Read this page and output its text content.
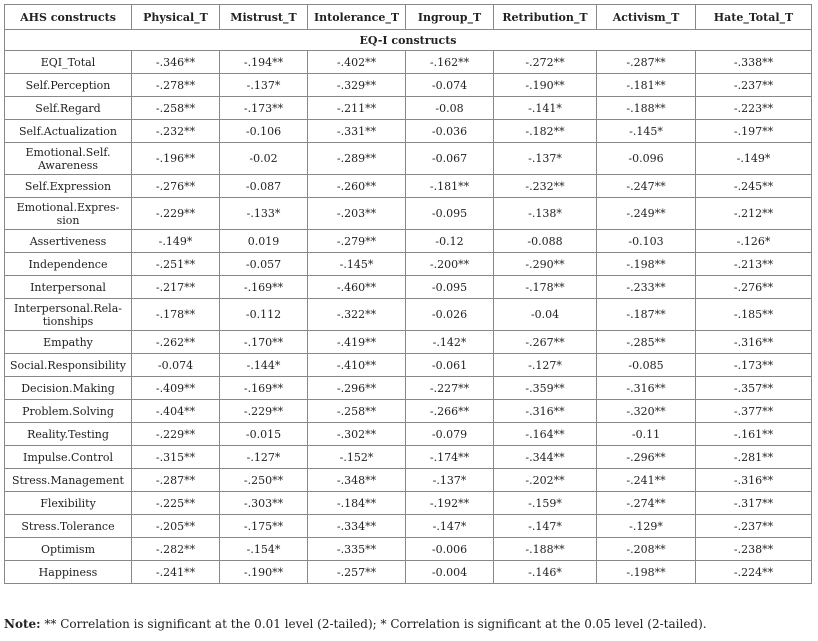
AHS constructs	Physical_T	Mistrust_T	Intolerance_T	Ingroup_T	Retribution_T	Activism_T	Hate_Total_T
EQ-I constructs							
EQI_Total	-.346**	-.194**	-.402**	-.162**	-.272**	-.287**	-.338**
Self.Perception	-.278**	-.137*	-.329**	-0.074	-.190**	-.181**	-.237**
Self.Regard	-.258**	-.173**	-.211**	-0.08	-.141*	-.188**	-.223**
Self.Actualization	-.232**	-0.106	-.331**	-0.036	-.182**	-.145*	-.197**
Emotional.Self.
Awareness	-.196**	-0.02	-.289**	-0.067	-.137*	-0.096	-.149*
Self.Expression	-.276**	-0.087	-.260**	-.181**	-.232**	-.247**	-.245**
Emotional.Expres-
sion	-.229**	-.133*	-.203**	-0.095	-.138*	-.249**	-.212**
Assertiveness	-.149*	0.019	-.279**	-0.12	-0.088	-0.103	-.126*
Independence	-.251**	-0.057	-.145*	-.200**	-.290**	-.198**	-.213**
Interpersonal	-.217**	-.169**	-.460**	-0.095	-.178**	-.233**	-.276**
Interpersonal.Rela-
tionships	-.178**	-0.112	-.322**	-0.026	-0.04	-.187**	-.185**
Empathy	-.262**	-.170**	-.419**	-.142*	-.267**	-.285**	-.316**
Social.Responsibility	-0.074	-.144*	-.410**	-0.061	-.127*	-0.085	-.173**
Decision.Making	-.409**	-.169**	-.296**	-.227**	-.359**	-.316**	-.357**
Problem.Solving	-.404**	-.229**	-.258**	-.266**	-.316**	-.320**	-.377**
Reality.Testing	-.229**	-0.015	-.302**	-0.079	-.164**	-0.11	-.161**
Impulse.Control	-.315**	-.127*	-.152*	-.174**	-.344**	-.296**	-.281**
Stress.Management	-.287**	-.250**	-.348**	-.137*	-.202**	-.241**	-.316**
Flexibility	-.225**	-.303**	-.184**	-.192**	-.159*	-.274**	-.317**
Stress.Tolerance	-.205**	-.175**	-.334**	-.147*	-.147*	-.129*	-.237**
Optimism	-.282**	-.154*	-.335**	-0.006	-.188**	-.208**	-.238**
Happiness	-.241**	-.190**	-.257**	-0.004	-.146*	-.198**	-.224**
Note: ** Correlation is significant at the 0.01 level (2-tailed); * Correlation is significant at the 0.05 level (2-tailed).
